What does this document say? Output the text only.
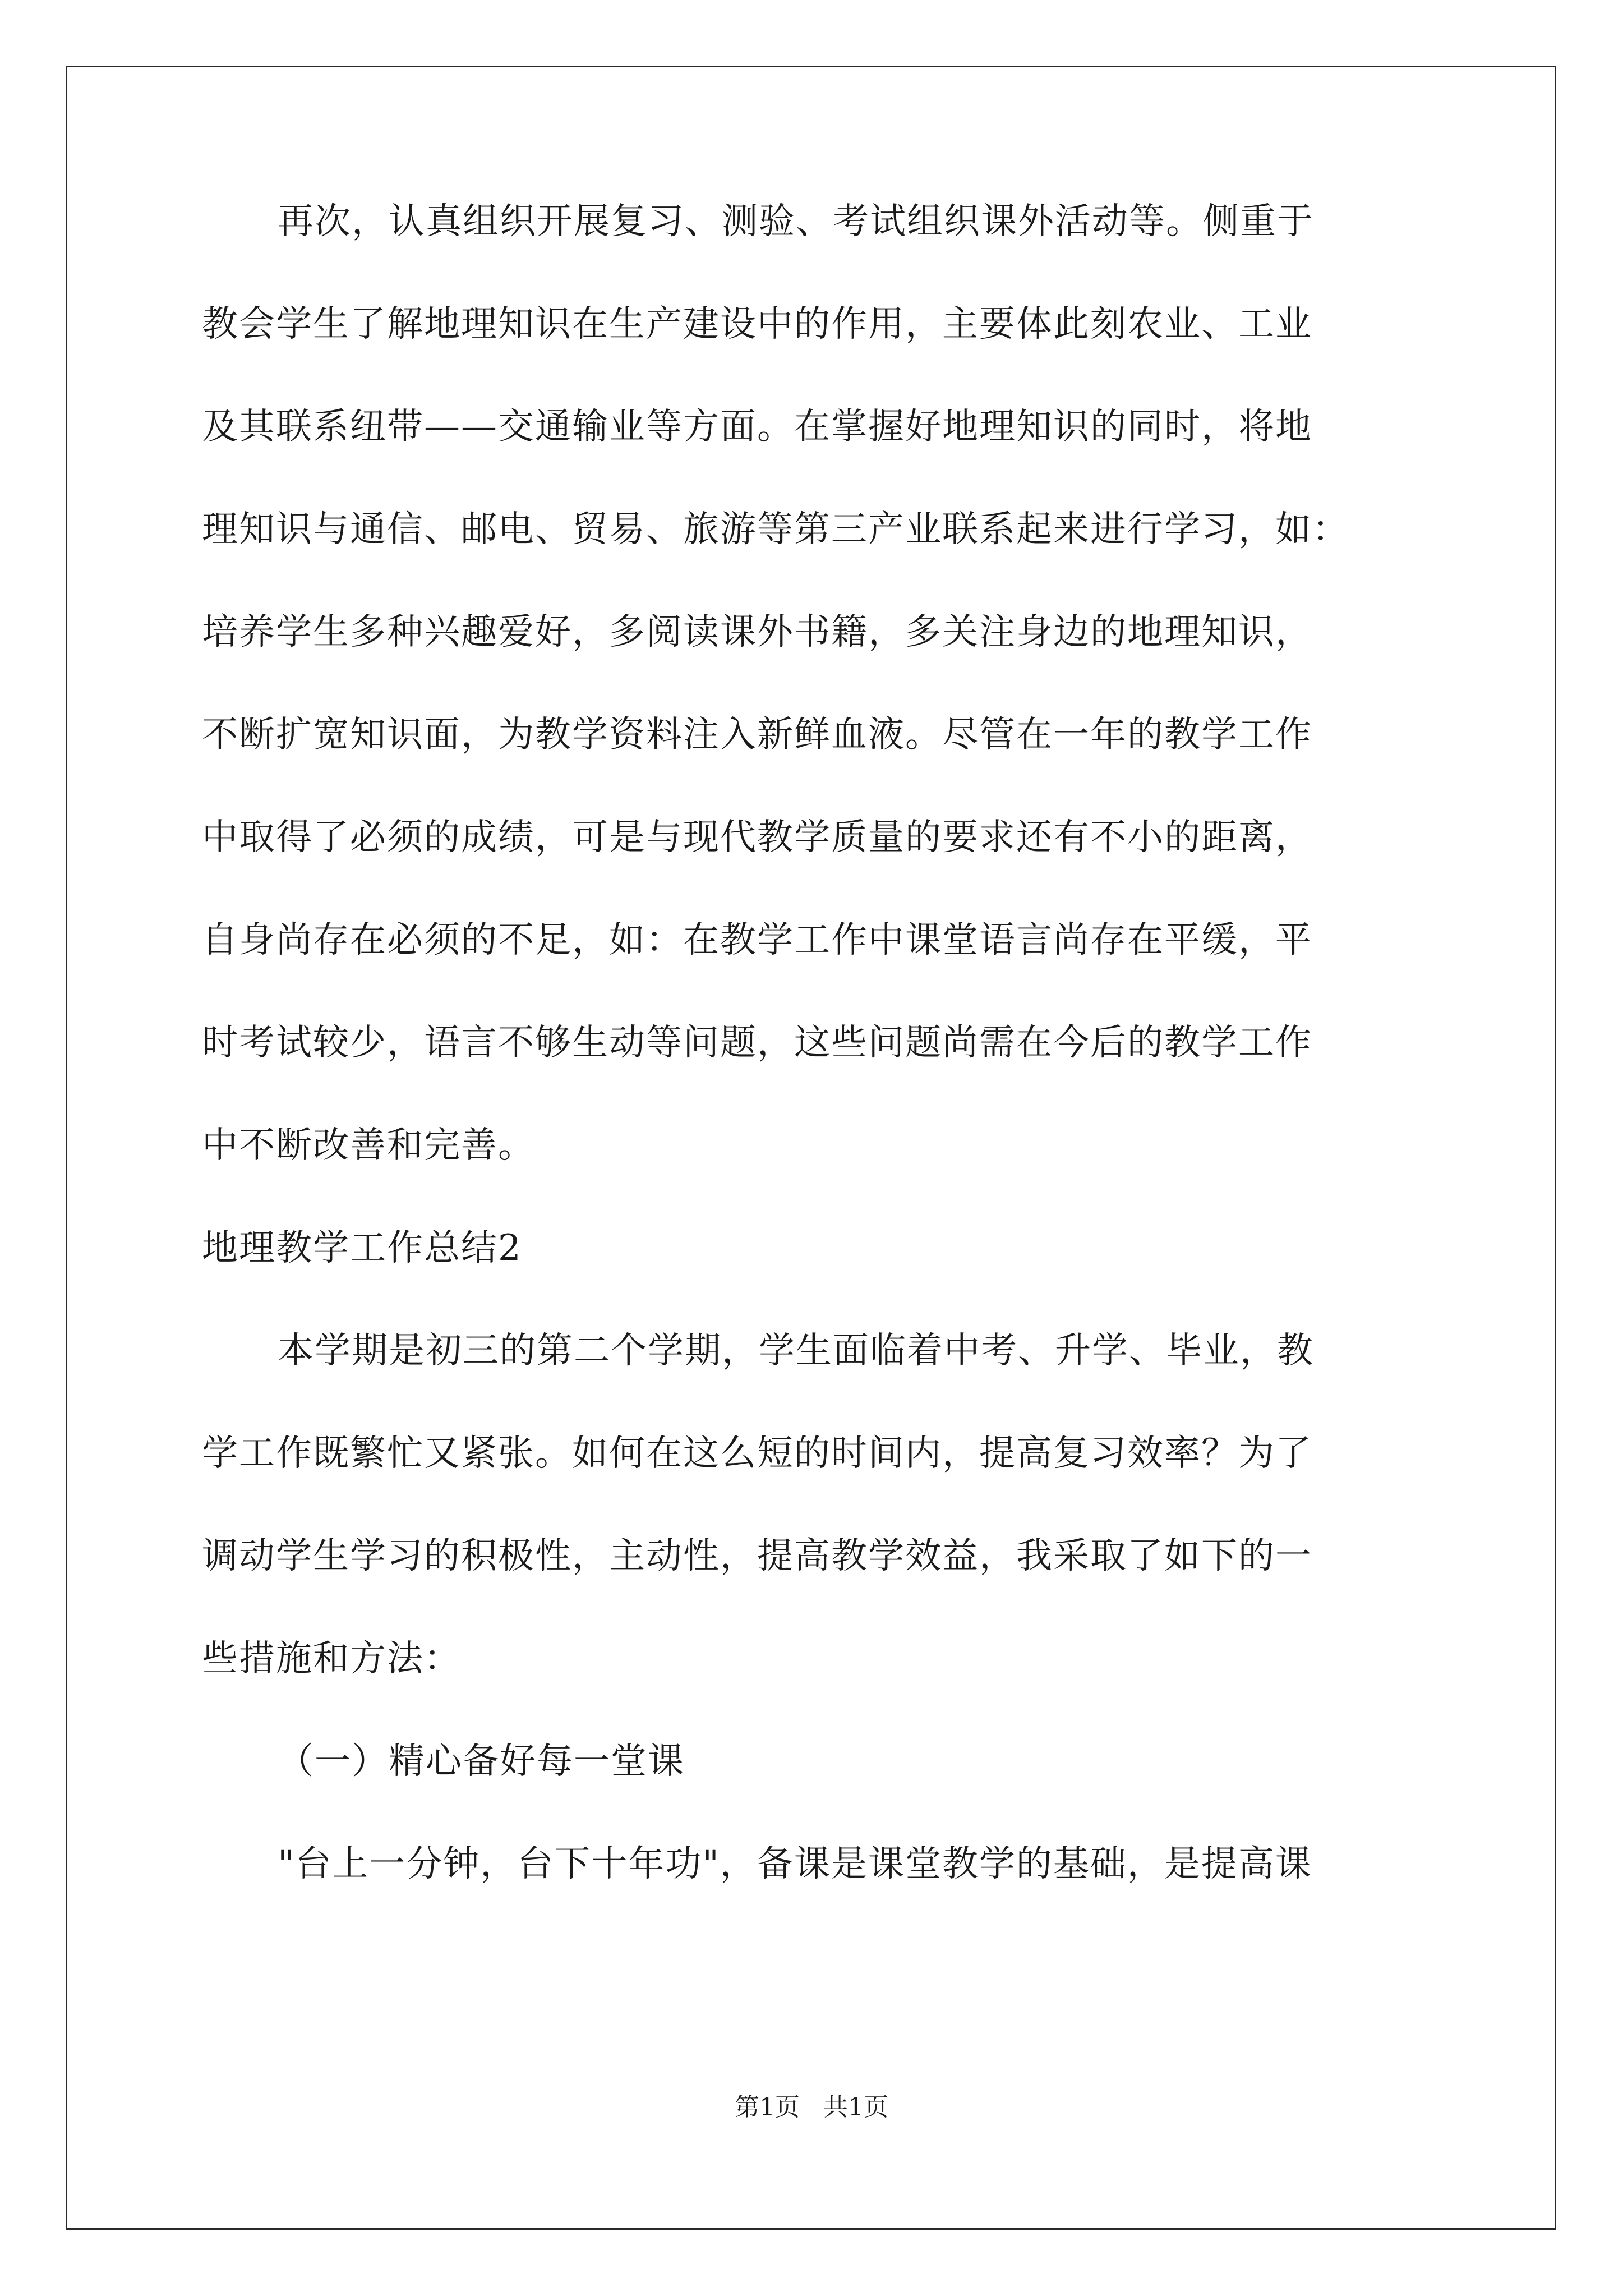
再次，认真组织开展复习、测验、考试组织课外活动等。侧重于
教会学生了解地理知识在生产建设中的作用，主要体此刻农业、工业
及其联系纽带——交通输业等方面。在掌握好地理知识的同时，将地
理知识与通信、邮电、贸易、旅游等第三产业联系起来进行学习，如：
培养学生多种兴趣爱好，多阅读课外书籍，多关注身边的地理知识，
不断扩宽知识面，为教学资料注入新鲜血液。尽管在一年的教学工作
中取得了必须的成绩，可是与现代教学质量的要求还有不小的距离，
自身尚存在必须的不足，如：在教学工作中课堂语言尚存在平缓，平
时考试较少，语言不够生动等问题，这些问题尚需在今后的教学工作
中不断改善和完善。
地理教学工作总结2
本学期是初三的第二个学期，学生面临着中考、升学、毕业，教
学工作既繁忙又紧张。如何在这么短的时间内，提高复习效率？为了
调动学生学习的积极性，主动性，提高教学效益，我采取了如下的一
些措施和方法：
（一）精心备好每一堂课
"台上一分钟，台下十年功"，备课是课堂教学的基础，是提高课
第1页 共1页
